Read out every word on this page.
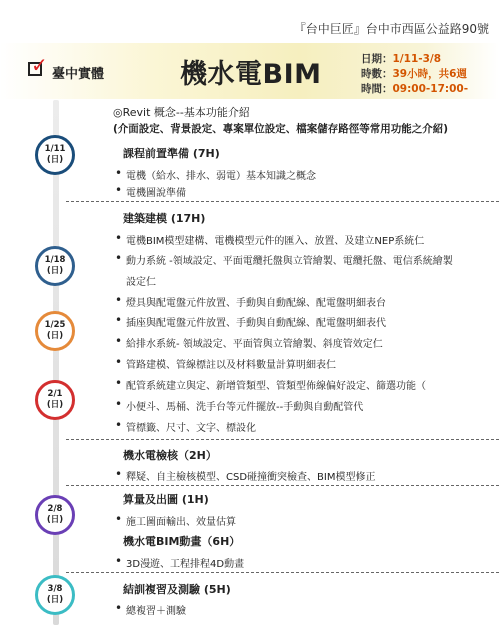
『台中巨匠』台中市西區公益路90號
✓ 臺中實體	機水電BIM	日期：1/11-3/8
時數：39小時，共6週
時間：09:00-17:00-
◎Revit 概念--基本功能介紹
(介面設定、背景設定、專案單位設定、檔案儲存路徑等常用功能之介紹)
1/11
(日)
1/18
(日)
1/25
(日)
2/1
(日)
2/8
(日)
3/8
(日)
課程前置準備 (7H)
• 電機（給水、排水、弱電）基本知識之概念
• 電機圖說準備
建築建模 (17H)
• 電機BIM模型建構、電機模型元件的匯入、放置、及建立NEP系統仁
• 動力系統 -領域設定、平面電纜托盤與立管繪製、電纜托盤、電信系統繪製
設定仁
• 燈具與配電盤元件放置、手動與自動配線、配電盤明細表台
• 插座與配電盤元件放置、手動與自動配線、配電盤明細表代
• 給排水系統- 領域設定、平面管與立管繪製、斜度管效定仁
• 管路建模、管線標註以及材料數量計算明細表仁
• 配管系統建立與定、新增管類型、管類型佈線偏好設定、篩選功能（
• 小便斗、馬桶、洗手台等元件擺放--手動與自動配管代
• 管標籤、尺寸、文字、標設化
機水電檢核（2H）
• 釋疑、自主檢核模型、CSD碰撞衝突檢查、BIM模型修正
算量及出圖 (1H)
• 施工圖面輸出、效量估算
機水電BIM動畫（6H）
• 3D漫遊、工程排程4D動畫
結訓複習及測驗 (5H)
• 總複習＋測驗
